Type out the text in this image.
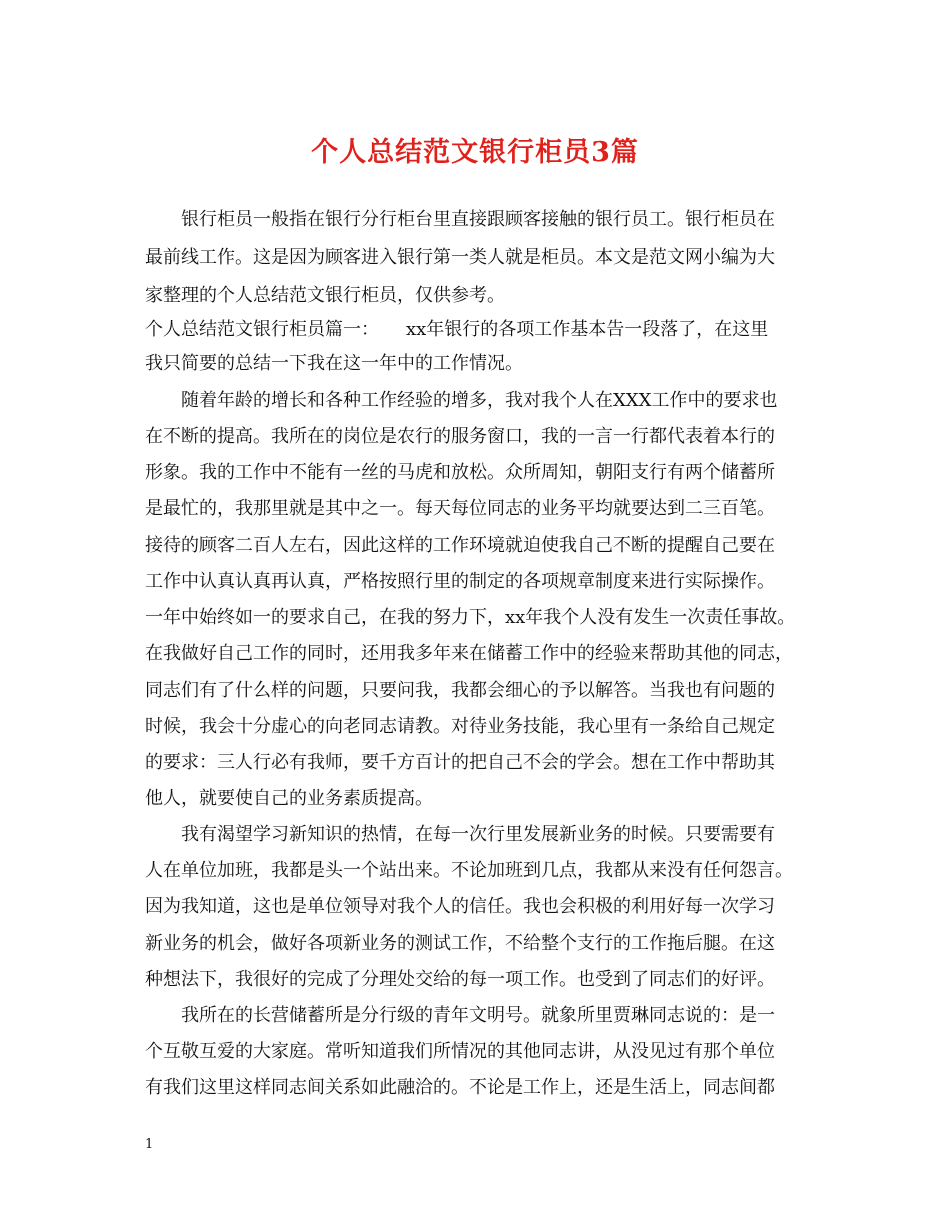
个人总结范文银行柜员3篇
　　银行柜员一般指在银行分行柜台里直接跟顾客接触的银行员工。银行柜员在
最前线工作。这是因为顾客进入银行第一类人就是柜员。本文是范文网小编为大
家整理的个人总结范文银行柜员，仅供参考。
个人总结范文银行柜员篇一：　　xx年银行的各项工作基本告一段落了，在这里
我只简要的总结一下我在这一年中的工作情况。
　　随着年龄的增长和各种工作经验的增多，我对我个人在XXX工作中的要求也
在不断的提高。我所在的岗位是农行的服务窗口，我的一言一行都代表着本行的
形象。我的工作中不能有一丝的马虎和放松。众所周知，朝阳支行有两个储蓄所
是最忙的，我那里就是其中之一。每天每位同志的业务平均就要达到二三百笔。
接待的顾客二百人左右，因此这样的工作环境就迫使我自己不断的提醒自己要在
工作中认真认真再认真，严格按照行里的制定的各项规章制度来进行实际操作。
一年中始终如一的要求自己，在我的努力下，xx年我个人没有发生一次责任事故。
在我做好自己工作的同时，还用我多年来在储蓄工作中的经验来帮助其他的同志，
同志们有了什么样的问题，只要问我，我都会细心的予以解答。当我也有问题的
时候，我会十分虚心的向老同志请教。对待业务技能，我心里有一条给自己规定
的要求：三人行必有我师，要千方百计的把自己不会的学会。想在工作中帮助其
他人，就要使自己的业务素质提高。
　　我有渴望学习新知识的热情，在每一次行里发展新业务的时候。只要需要有
人在单位加班，我都是头一个站出来。不论加班到几点，我都从来没有任何怨言。
因为我知道，这也是单位领导对我个人的信任。我也会积极的利用好每一次学习
新业务的机会，做好各项新业务的测试工作，不给整个支行的工作拖后腿。在这
种想法下，我很好的完成了分理处交给的每一项工作。也受到了同志们的好评。
　　我所在的长营储蓄所是分行级的青年文明号。就象所里贾琳同志说的：是一
个互敬互爱的大家庭。常听知道我们所情况的其他同志讲，从没见过有那个单位
有我们这里这样同志间关系如此融洽的。不论是工作上，还是生活上，同志间都
1
